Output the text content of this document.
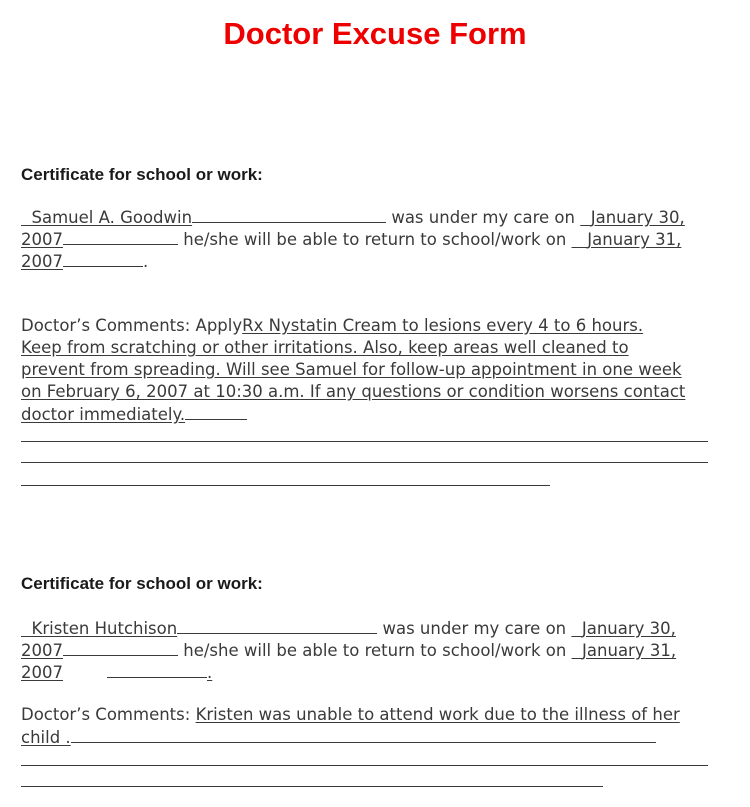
Doctor Excuse Form
Certificate for school or work:
Samuel A. Goodwin	was under my care on January 30,
2007	he/she will be able to return to school/work on January 31,
2007	.
Doctor’s Comments: ApplyRx Nystatin Cream to lesions every 4 to 6 hours.
Keep from scratching or other irritations. Also, keep areas well cleaned to
prevent from spreading. Will see Samuel for follow-up appointment in one week
on February 6, 2007 at 10:30 a.m. If any questions or condition worsens contact
doctor immediately.
Certificate for school or work:
Kristen Hutchison	was under my care on January 30,
2007	he/she will be able to return to school/work on January 31,
2007	.
Doctor’s Comments: Kristen was unable to attend work due to the illness of her
child .
